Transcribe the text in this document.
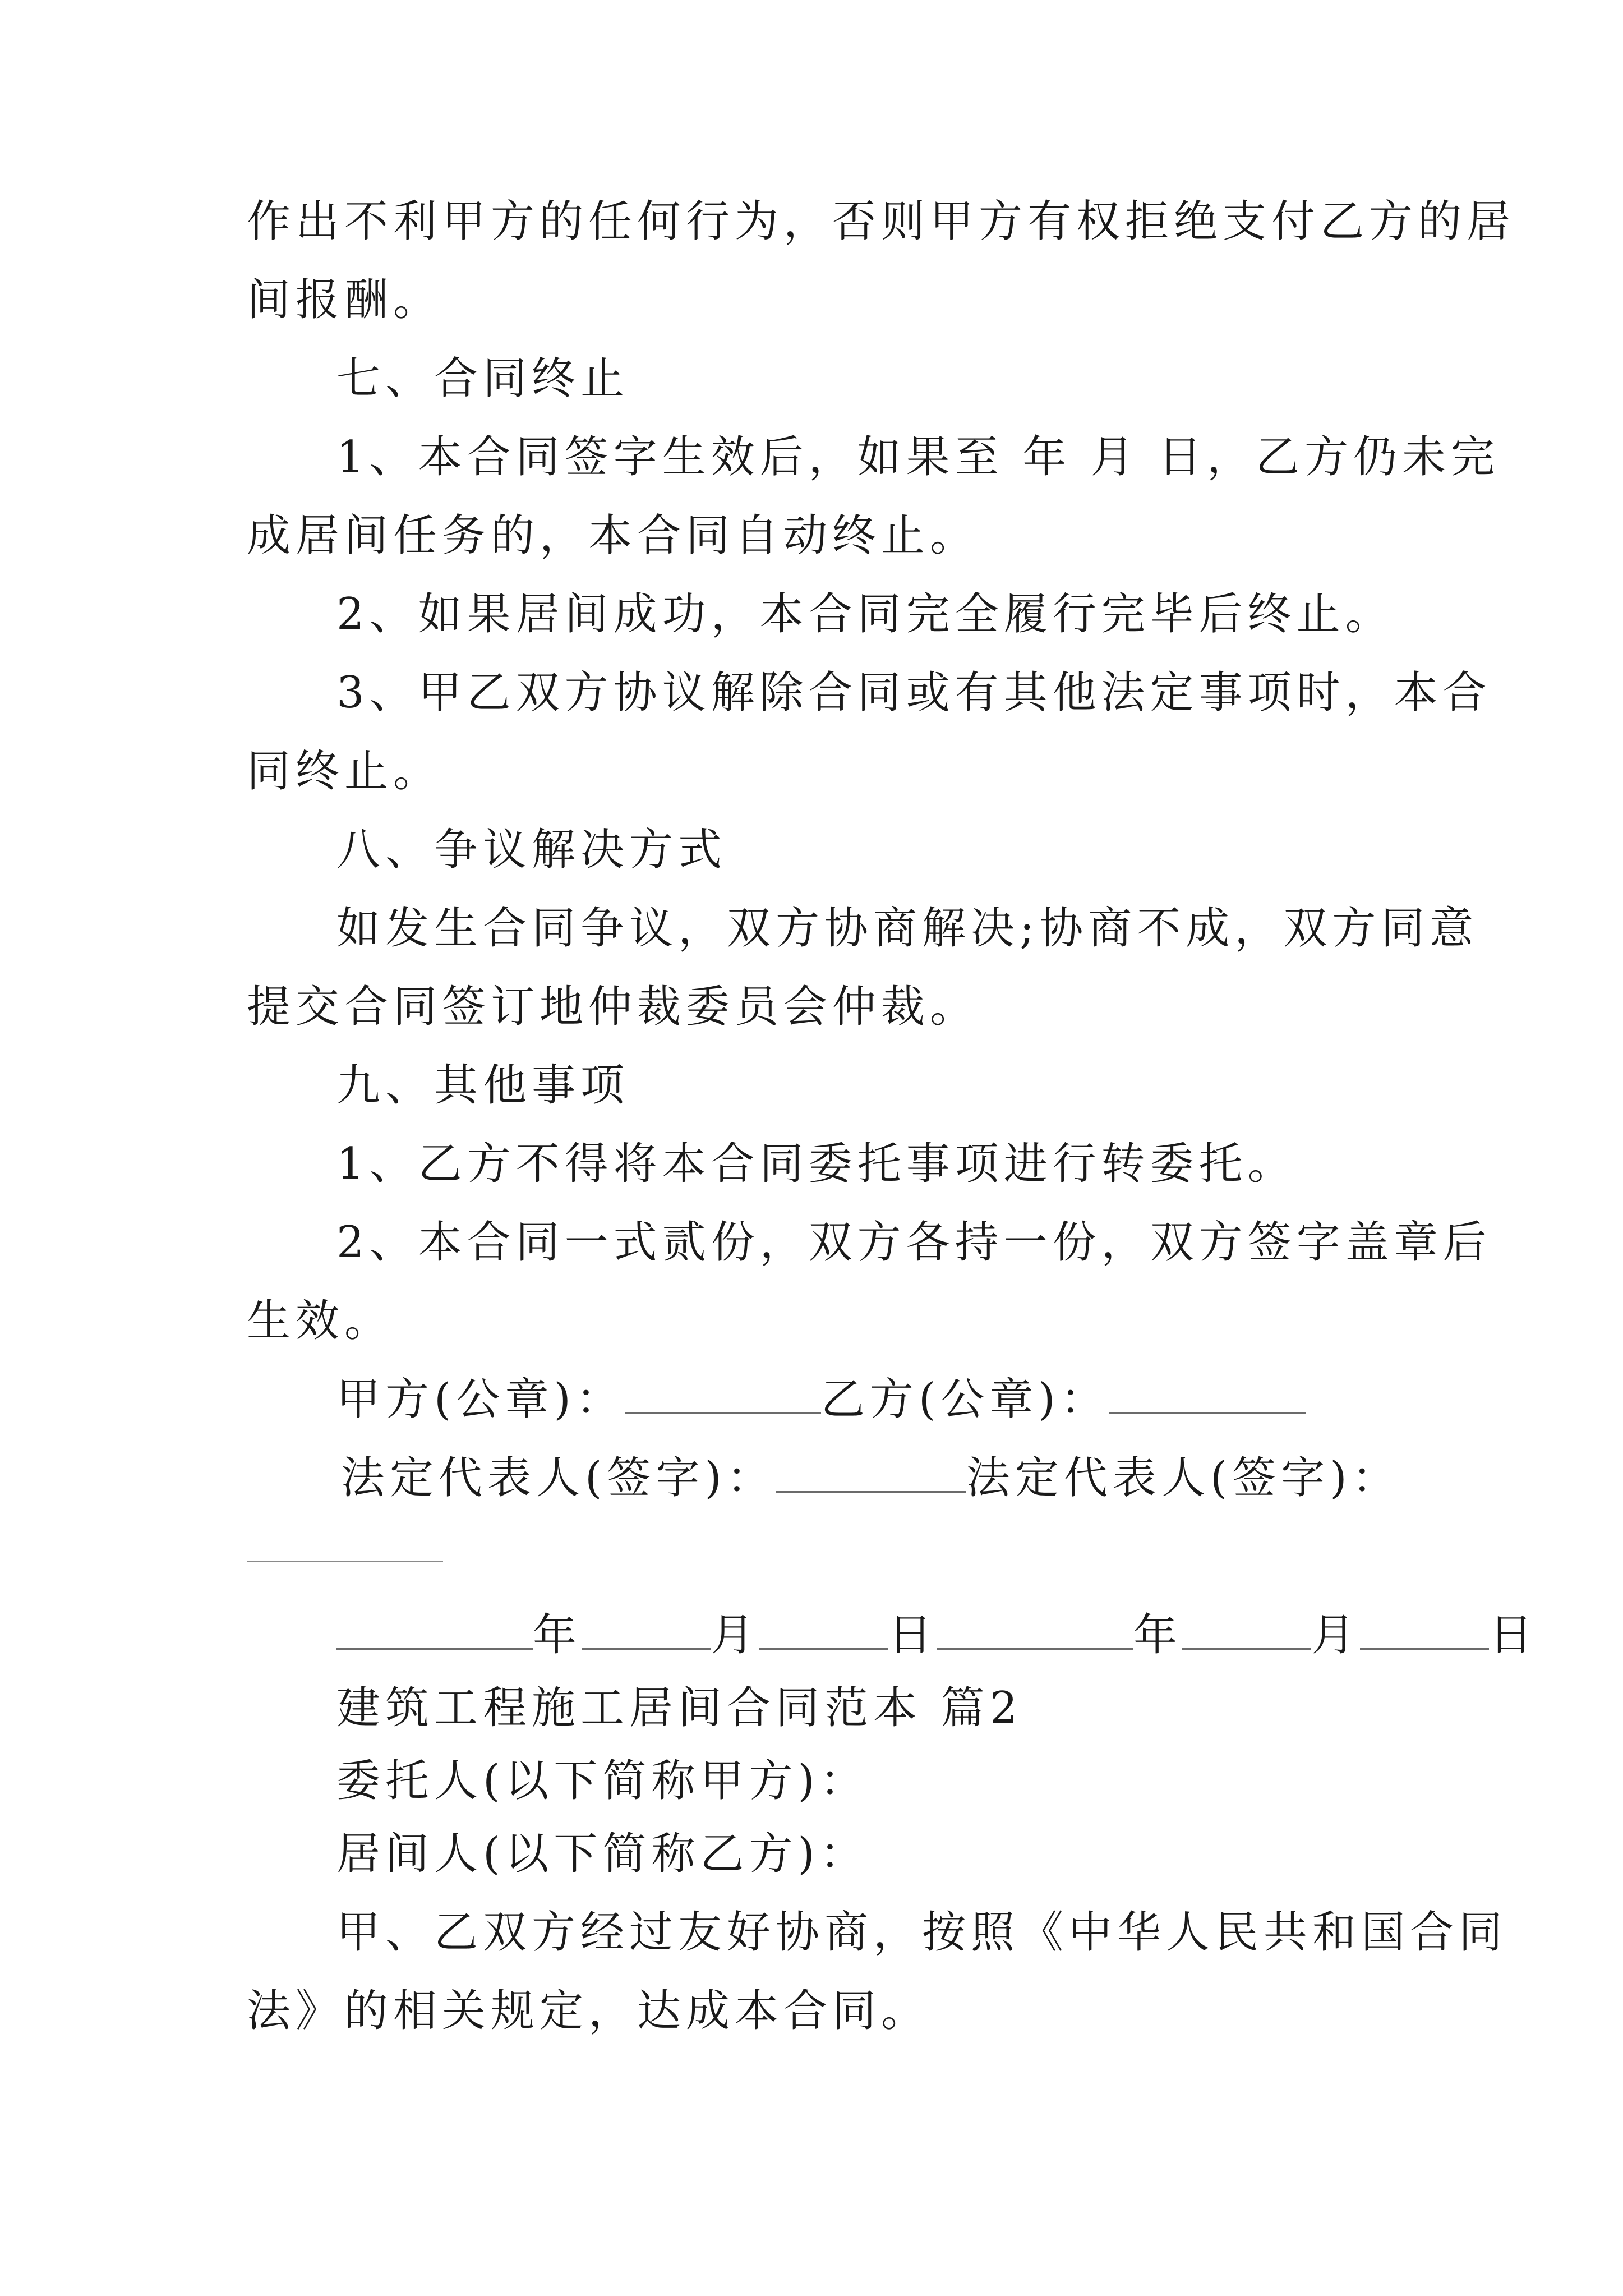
作出不利甲方的任何行为，否则甲方有权拒绝支付乙方的居
间报酬。
七、合同终止
1、本合同签字生效后，如果至 年 月 日，乙方仍未完
成居间任务的，本合同自动终止。
2、如果居间成功，本合同完全履行完毕后终止。
3、甲乙双方协议解除合同或有其他法定事项时，本合
同终止。
八、争议解决方式
如发生合同争议，双方协商解决;协商不成，双方同意
提交合同签订地仲裁委员会仲裁。
九、其他事项
1、乙方不得将本合同委托事项进行转委托。
2、本合同一式贰份，双方各持一份，双方签字盖章后
生效。
甲方(公章)：	乙方(公章)：
法定代表人(签字)：	法定代表人(签字)：
年	月	日	年	月	日
建筑工程施工居间合同范本 篇2
委托人(以下简称甲方)：
居间人(以下简称乙方)：
甲、乙双方经过友好协商，按照《中华人民共和国合同
法》的相关规定，达成本合同。
